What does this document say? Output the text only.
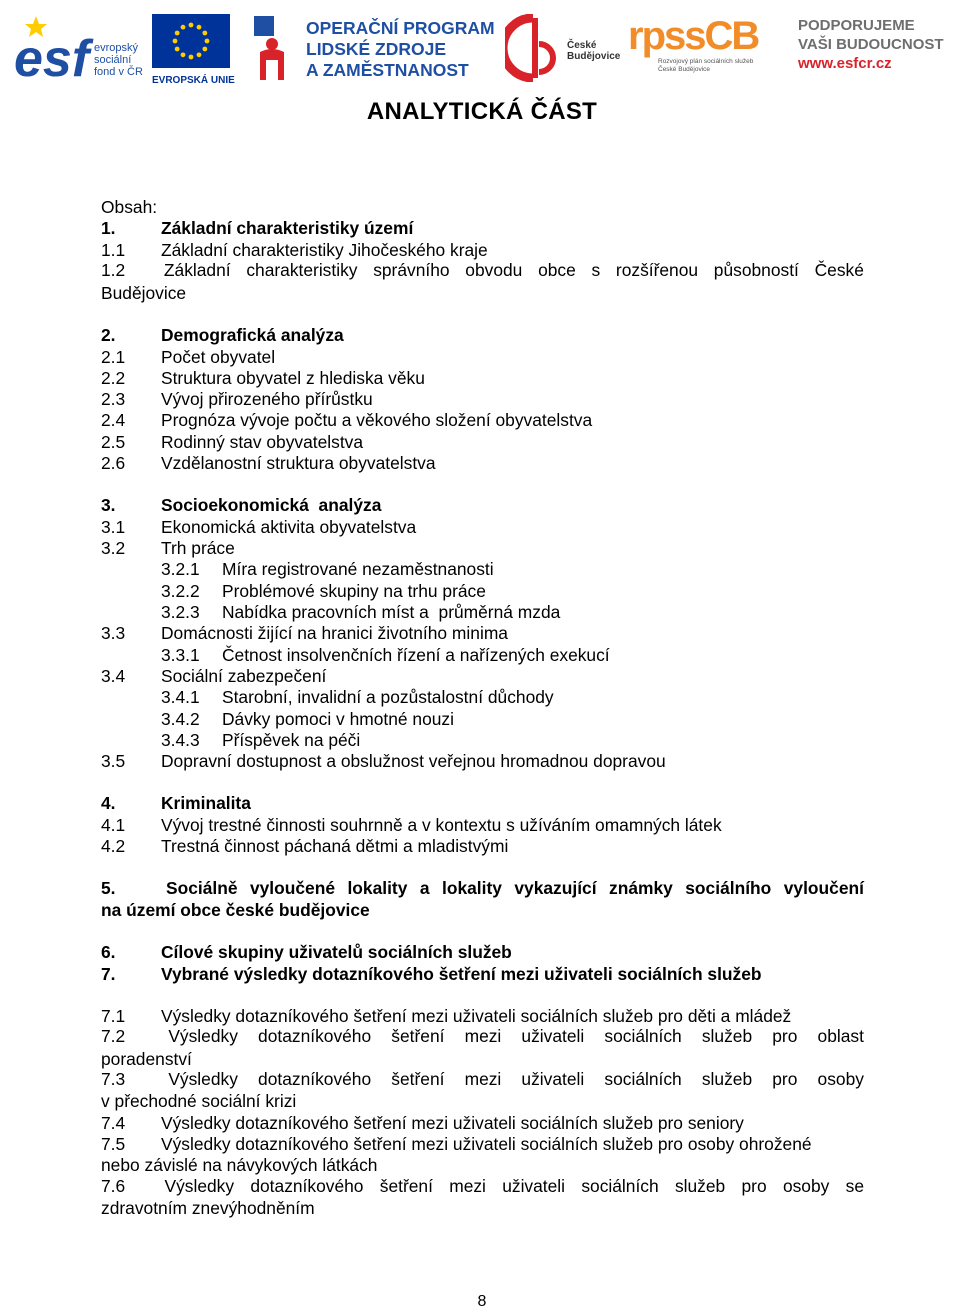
esf evropský
sociální
fond v ČR
EVROPSKÁ UNIE
OPERAČNÍ PROGRAM
LIDSKÉ ZDROJE
A ZAMĚSTNANOST
České
Budějovice rpssCB
Rozvojový plán sociálních služeb
České Budějovice
PODPORUJEME
VAŠI BUDOUCNOST
www.esfcr.cz
ANALYTICKÁ ČÁST
Obsah:
1.	Základní charakteristiky území
1.1 Základní charakteristiky Jihočeského kraje
1.2 Základní charakteristiky správního obvodu obce s rozšířenou působností České
Budějovice
2.	Demografická analýza
2.1 Počet obyvatel
2.2 Struktura obyvatel z hlediska věku
2.3 Vývoj přirozeného přírůstku
2.4 Prognóza vývoje počtu a věkového složení obyvatelstva
2.5 Rodinný stav obyvatelstva
2.6 Vzdělanostní struktura obyvatelstva
3.	Socioekonomická  analýza
3.1 Ekonomická aktivita obyvatelstva
3.2 Trh práce
3.2.1 Míra registrované nezaměstnanosti
3.2.2 Problémové skupiny na trhu práce
3.2.3 Nabídka pracovních míst a  průměrná mzda
3.3 Domácnosti žijící na hranici životního minima
3.3.1 Četnost insolvenčních řízení a nařízených exekucí
3.4 Sociální zabezpečení
3.4.1 Starobní, invalidní a pozůstalostní důchody
3.4.2 Dávky pomoci v hmotné nouzi
3.4.3 Příspěvek na péči
3.5 Dopravní dostupnost a obslužnost veřejnou hromadnou dopravou
4.	Kriminalita
4.1 Vývoj trestné činnosti souhrnně a v kontextu s užíváním omamných látek
4.2 Trestná činnost páchaná dětmi a mladistvými
5.	Sociálně vyloučené lokality a lokality vykazující známky sociálního vyloučení
na území obce české budějovice
6.	Cílové skupiny uživatelů sociálních služeb
7.	Vybrané výsledky dotazníkového šetření mezi uživateli sociálních služeb
7.1 Výsledky dotazníkového šetření mezi uživateli sociálních služeb pro děti a mládež
7.2 Výsledky dotazníkového šetření mezi uživateli sociálních služeb pro oblast
poradenství
7.3 Výsledky dotazníkového šetření mezi uživateli sociálních služeb pro osoby
v přechodné sociální krizi
7.4 Výsledky dotazníkového šetření mezi uživateli sociálních služeb pro seniory
7.5 Výsledky dotazníkového šetření mezi uživateli sociálních služeb pro osoby ohrožené
nebo závislé na návykových látkách
7.6 Výsledky dotazníkového šetření mezi uživateli sociálních služeb pro osoby se
zdravotním znevýhodněním
8
